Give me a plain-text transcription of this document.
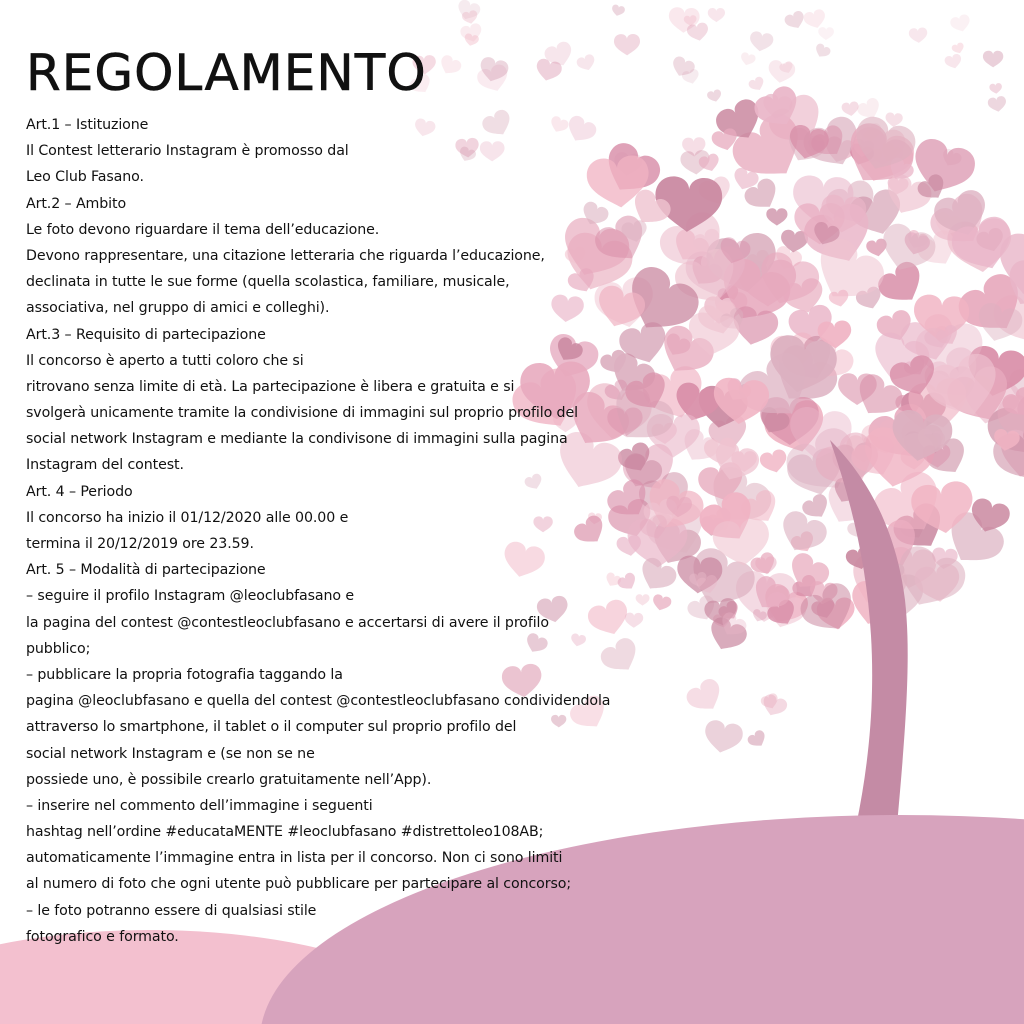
REGOLAMENTO
Art.1 – Istituzione
Il Contest letterario Instagram è promosso dal
Leo Club Fasano.
Art.2 – Ambito
Le foto devono riguardare il tema dell’educazione.
Devono rappresentare, una citazione letteraria che riguarda l’educazione,
declinata in tutte le sue forme (quella scolastica, familiare, musicale,
associativa, nel gruppo di amici e colleghi).
Art.3 – Requisito di partecipazione
Il concorso è aperto a tutti coloro che si
ritrovano senza limite di età. La partecipazione è libera e gratuita e si
svolgerà unicamente tramite la condivisione di immagini sul proprio profilo del
social network Instagram e mediante la condivisone di immagini sulla pagina
Instagram del contest.
Art. 4 – Periodo
Il concorso ha inizio il 01/12/2020 alle 00.00 e
termina il 20/12/2019 ore 23.59.
Art. 5 – Modalità di partecipazione
– seguire il profilo Instagram @leoclubfasano e
la pagina del contest @contestleoclubfasano e accertarsi di avere il profilo
pubblico;
– pubblicare la propria fotografia taggando la
pagina @leoclubfasano e quella del contest @contestleoclubfasano condividendola
attraverso lo smartphone, il tablet o il computer sul proprio profilo del
social network Instagram e (se non se ne
possiede uno, è possibile crearlo gratuitamente nell’App).
– inserire nel commento dell’immagine i seguenti
hashtag nell’ordine #educataMENTE #leoclubfasano #distrettoleo108AB;
automaticamente l’immagine entra in lista per il concorso. Non ci sono limiti
al numero di foto che ogni utente può pubblicare per partecipare al concorso;
– le foto potranno essere di qualsiasi stile
fotografico e formato.
